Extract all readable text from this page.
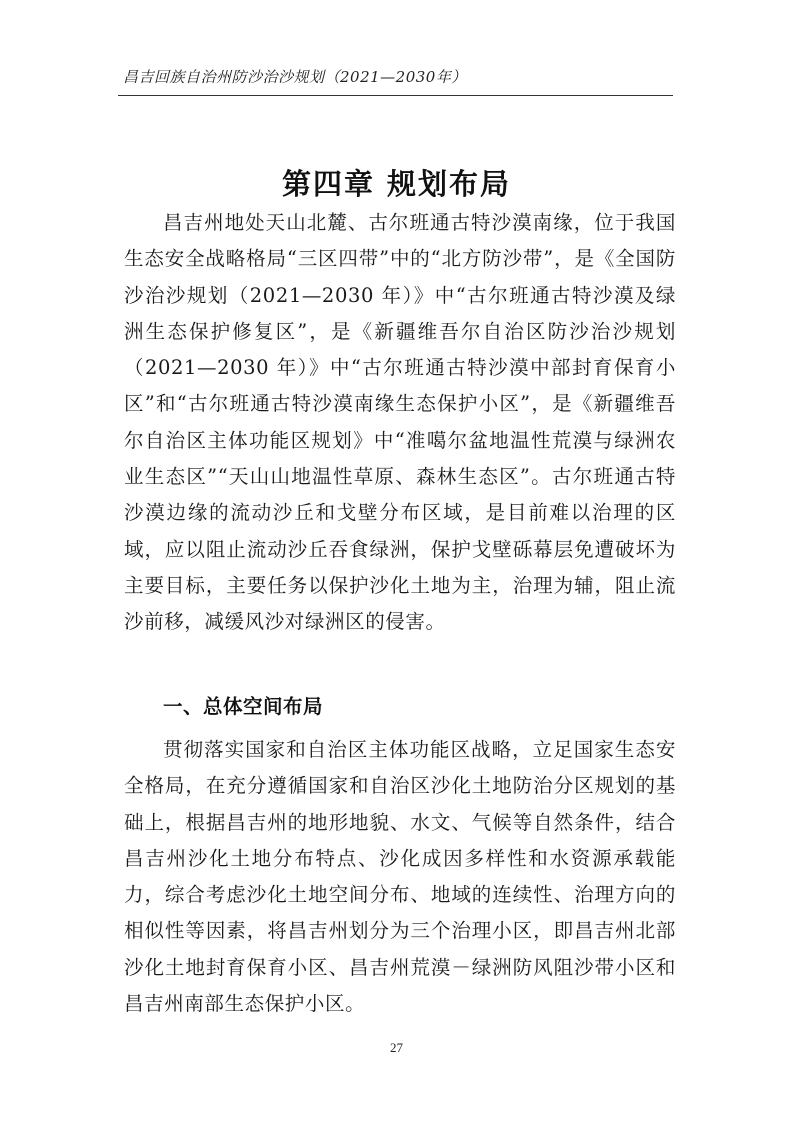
昌吉回族自治州防沙治沙规划（2021—2030年）
第四章 规划布局

昌吉州地处天山北麓、古尔班通古特沙漠南缘，位于我国生态安全战略格局“三区四带”中的“北方防沙带”，是《全国防沙治沙规划（2021—2030 年）》中“古尔班通古特沙漠及绿洲生态保护修复区”，是《新疆维吾尔自治区防沙治沙规划（2021—2030 年）》中“古尔班通古特沙漠中部封育保育小区”和“古尔班通古特沙漠南缘生态保护小区”，是《新疆维吾尔自治区主体功能区规划》中“准噶尔盆地温性荒漠与绿洲农业生态区”“天山山地温性草原、森林生态区”。古尔班通古特沙漠边缘的流动沙丘和戈壁分布区域，是目前难以治理的区域，应以阻止流动沙丘吞食绿洲，保护戈壁砾幕层免遭破坏为主要目标，主要任务以保护沙化土地为主，治理为辅，阻止流沙前移，减缓风沙对绿洲区的侵害。

一、总体空间布局

贯彻落实国家和自治区主体功能区战略，立足国家生态安全格局，在充分遵循国家和自治区沙化土地防治分区规划的基础上，根据昌吉州的地形地貌、水文、气候等自然条件，结合昌吉州沙化土地分布特点、沙化成因多样性和水资源承载能力，综合考虑沙化土地空间分布、地域的连续性、治理方向的相似性等因素，将昌吉州划分为三个治理小区，即昌吉州北部沙化土地封育保育小区、昌吉州荒漠－绿洲防风阻沙带小区和昌吉州南部生态保护小区。

27
